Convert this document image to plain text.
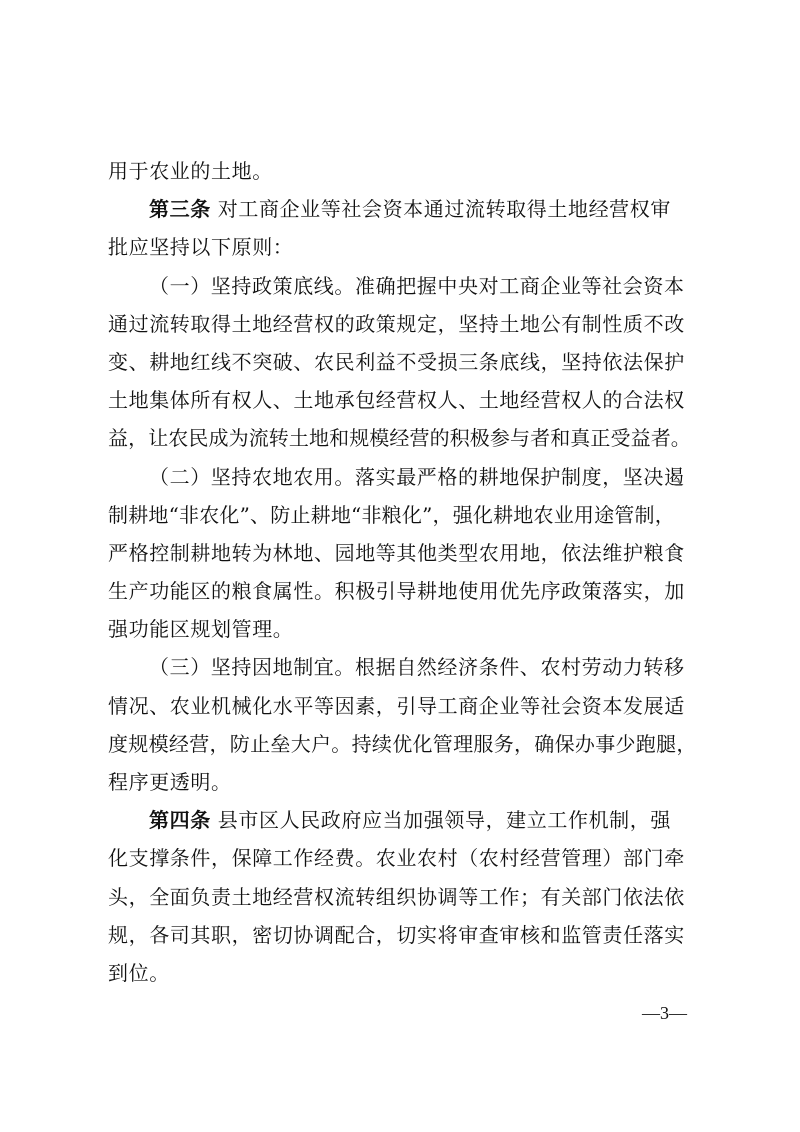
用于农业的土地。
第三条 对工商企业等社会资本通过流转取得土地经营权审
批应坚持以下原则：
（一）坚持政策底线。准确把握中央对工商企业等社会资本
通过流转取得土地经营权的政策规定，坚持土地公有制性质不改
变、耕地红线不突破、农民利益不受损三条底线，坚持依法保护
土地集体所有权人、土地承包经营权人、土地经营权人的合法权
益，让农民成为流转土地和规模经营的积极参与者和真正受益者。
（二）坚持农地农用。落实最严格的耕地保护制度，坚决遏
制耕地“非农化”、防止耕地“非粮化”，强化耕地农业用途管制，
严格控制耕地转为林地、园地等其他类型农用地，依法维护粮食
生产功能区的粮食属性。积极引导耕地使用优先序政策落实，加
强功能区规划管理。
（三）坚持因地制宜。根据自然经济条件、农村劳动力转移
情况、农业机械化水平等因素，引导工商企业等社会资本发展适
度规模经营，防止垒大户。持续优化管理服务，确保办事少跑腿，
程序更透明。
第四条 县市区人民政府应当加强领导，建立工作机制，强
化支撑条件，保障工作经费。农业农村（农村经营管理）部门牵
头，全面负责土地经营权流转组织协调等工作；有关部门依法依
规，各司其职，密切协调配合，切实将审查审核和监管责任落实
到位。
—3—
